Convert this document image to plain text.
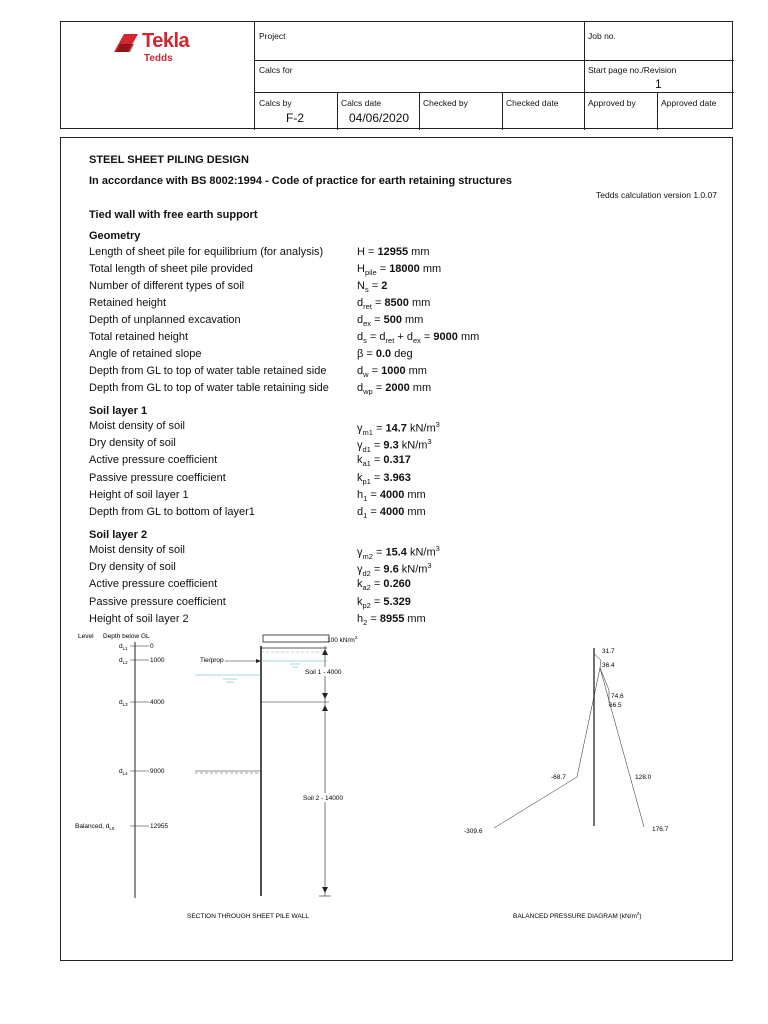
Tekla
Tedds
Project	Job no.
Calcs for	Start page no./Revision
1
Calcs by
F-2
Calcs date
04/06/2020
Checked by	Checked date	Approved by	Approved date
STEEL SHEET PILING DESIGN
In accordance with BS 8002:1994 - Code of practice for earth retaining structures
Tedds calculation version 1.0.07
Tied wall with free earth support
Geometry
Length of sheet pile for equilibrium (for analysis)	H = 12955 mm
Total length of sheet pile provided	$H_{pile} = 18000$ mm
Number of different types of soil	$N_s = 2$
Retained height	$d_{ret} = 8500$ mm
Depth of unplanned excavation	$d_{ex} = 500$ mm
Total retained height	$d_s = d_{ret} + d_{ex} = 9000$ mm
Angle of retained slope	β = 0.0 deg
Depth from GL to top of water table retained side	$d_w = 1000$ mm
Depth from GL to top of water table retaining side	$d_{wp} = 2000$ mm
Soil layer 1
Moist density of soil	$\gamma_{m1} = 14.7$ $kN/m^3$
Dry density of soil	$\gamma_{d1} = 9.3$ $kN/m^3$
Active pressure coefficient	$k_{a1} = 0.317$
Passive pressure coefficient	$k_{p1} = 3.963$
Height of soil layer 1	$h_1 = 4000$ mm
Depth from GL to bottom of layer1	$d_1 = 4000$ mm
Soil layer 2
Moist density of soil	$\gamma_{m2} = 15.4$ $kN/m^3$
Dry density of soil	$\gamma_{d2} = 9.6$ $kN/m^3$
Active pressure coefficient	$k_{a2} = 0.260$
Passive pressure coefficient	$k_{p2} = 5.329$
Height of soil layer 2	$h_2 = 8955$ mm
Level Depth below GL
$d_{L1}$	0
$d_{L2}$	1000
$d_{L3}$	4000
$d_{L4}$	9000
Balanced, $d_{L5}$	12955
100 $kN/m^2$
Tie/prop
Soil 1 - 4000
Soil 2 - 14000
SECTION THROUGH SHEET PILE WALL
31.7
36.4
74.6
66.5
-68.7	128.0
-309.6	176.7
BALANCED PRESSURE DIAGRAM $(kN/m^2)$
